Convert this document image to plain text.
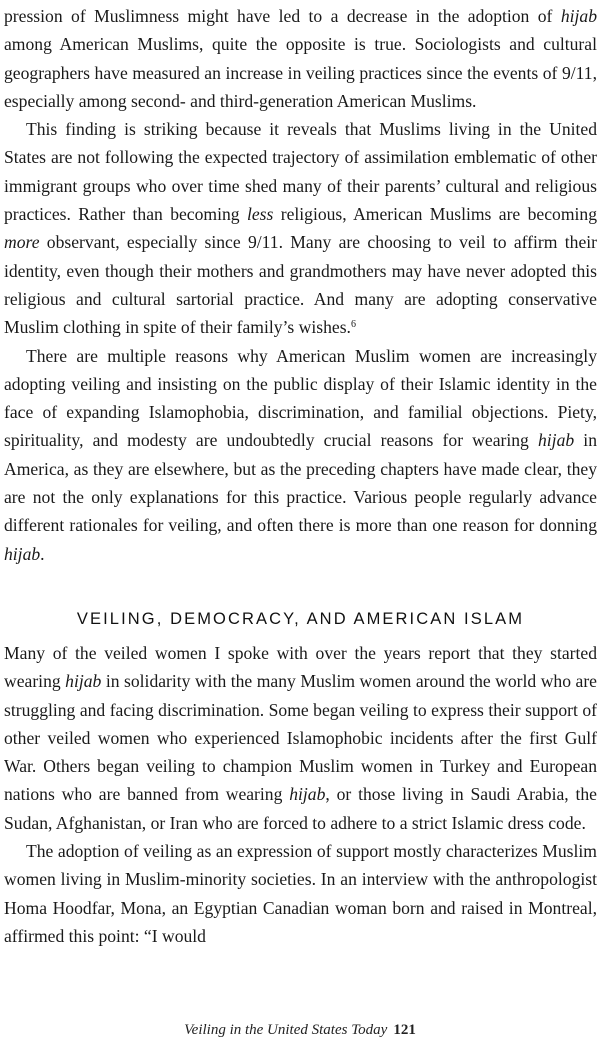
pression of Muslimness might have led to a decrease in the adoption of hijab among American Muslims, quite the opposite is true. Sociologists and cultural geographers have measured an increase in veiling practices since the events of 9/11, especially among second- and third-generation American Muslims.

This finding is striking because it reveals that Muslims living in the United States are not following the expected trajectory of assimilation emblematic of other immigrant groups who over time shed many of their parents’ cultural and religious practices. Rather than becoming less religious, American Muslims are becoming more observant, especially since 9/11. Many are choosing to veil to affirm their identity, even though their mothers and grandmothers may have never adopted this religious and cultural sartorial practice. And many are adopting conservative Muslim clothing in spite of their family’s wishes.$^6$

There are multiple reasons why American Muslim women are increasingly adopting veiling and insisting on the public display of their Islamic identity in the face of expanding Islamophobia, discrimination, and familial objections. Piety, spirituality, and modesty are undoubtedly crucial reasons for wearing hijab in America, as they are elsewhere, but as the preceding chapters have made clear, they are not the only explanations for this practice. Various people regularly advance different rationales for veiling, and often there is more than one reason for donning hijab.

VEILING, DEMOCRACY, AND AMERICAN ISLAM

Many of the veiled women I spoke with over the years report that they started wearing hijab in solidarity with the many Muslim women around the world who are struggling and facing discrimination. Some began veiling to express their support of other veiled women who experienced Islamophobic incidents after the first Gulf War. Others began veiling to champion Muslim women in Turkey and European nations who are banned from wearing hijab, or those living in Saudi Arabia, the Sudan, Afghanistan, or Iran who are forced to adhere to a strict Islamic dress code.

The adoption of veiling as an expression of support mostly characterizes Muslim women living in Muslim-minority societies. In an interview with the anthropologist Homa Hoodfar, Mona, an Egyptian Canadian woman born and raised in Montreal, affirmed this point: “I would

Veiling in the United States Today 121
